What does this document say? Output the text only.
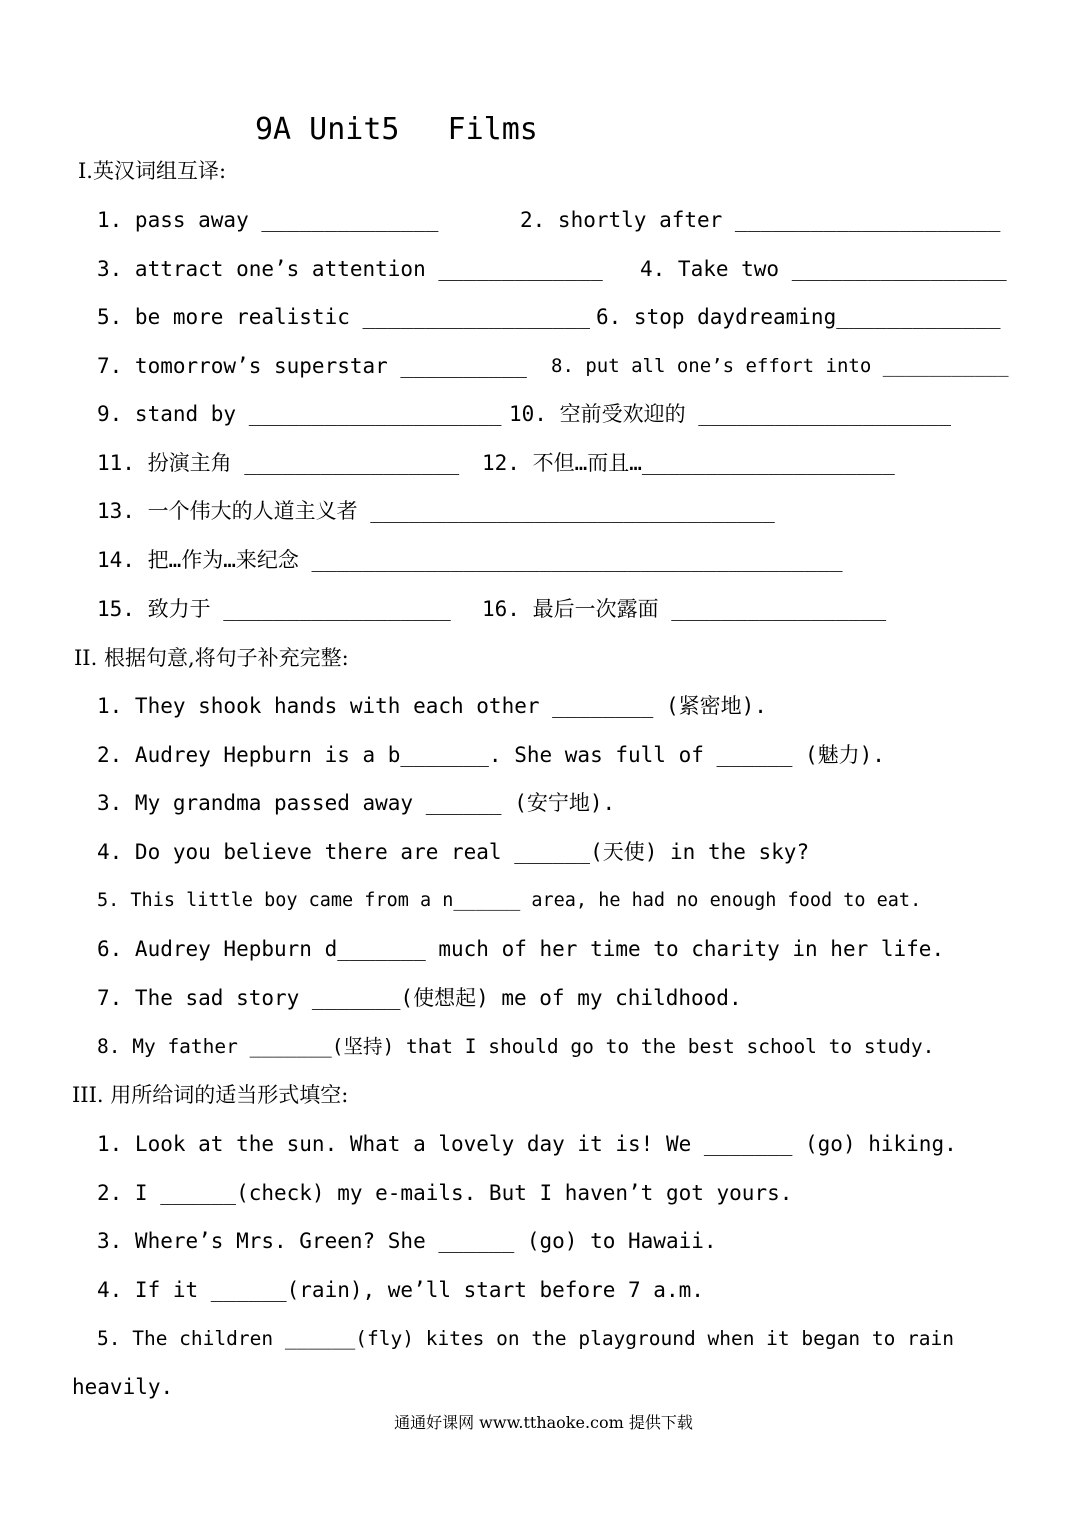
9A Unit5 　Films
Ⅰ.英汉词组互译:
1. pass away ______________	2. shortly after _____________________
3. attract one’s attention _____________ 4. Take two _________________
5. be more realistic __________________ 6. stop daydreaming_____________
7. tomorrow’s superstar __________ 8. put all one’s effort into ___________
9. stand by ____________________ 10. 空前受欢迎的 ____________________
11. 扮演主角 _________________ 12. 不但…而且…____________________
13. 一个伟大的人道主义者 ________________________________
14. 把…作为…来纪念 __________________________________________
15. 致力于 __________________ 16. 最后一次露面 _________________
II. 根据句意,将句子补充完整:
1. They shook hands with each other ________ (紧密地).
2. Audrey Hepburn is a b_______. She was full of ______ (魅力).
3. My grandma passed away ______ (安宁地).
4. Do you believe there are real ______(天使) in the sky?
5. This little boy came from a n______ area, he had no enough food to eat.
6. Audrey Hepburn d_______ much of her time to charity in her life.
7. The sad story _______(使想起) me of my childhood.
8. My father _______(坚持) that I should go to the best school to study.
III. 用所给词的适当形式填空:
1. Look at the sun. What a lovely day it is! We _______ (go) hiking.
2. I ______(check) my e-mails. But I haven’t got yours.
3. Where’s Mrs. Green? She ______ (go) to Hawaii.
4. If it ______(rain), we’ll start before 7 a.m.
5. The children ______(fly) kites on the playground when it began to rain
heavily.
通通好课网 www.tthaoke.com 提供下载
